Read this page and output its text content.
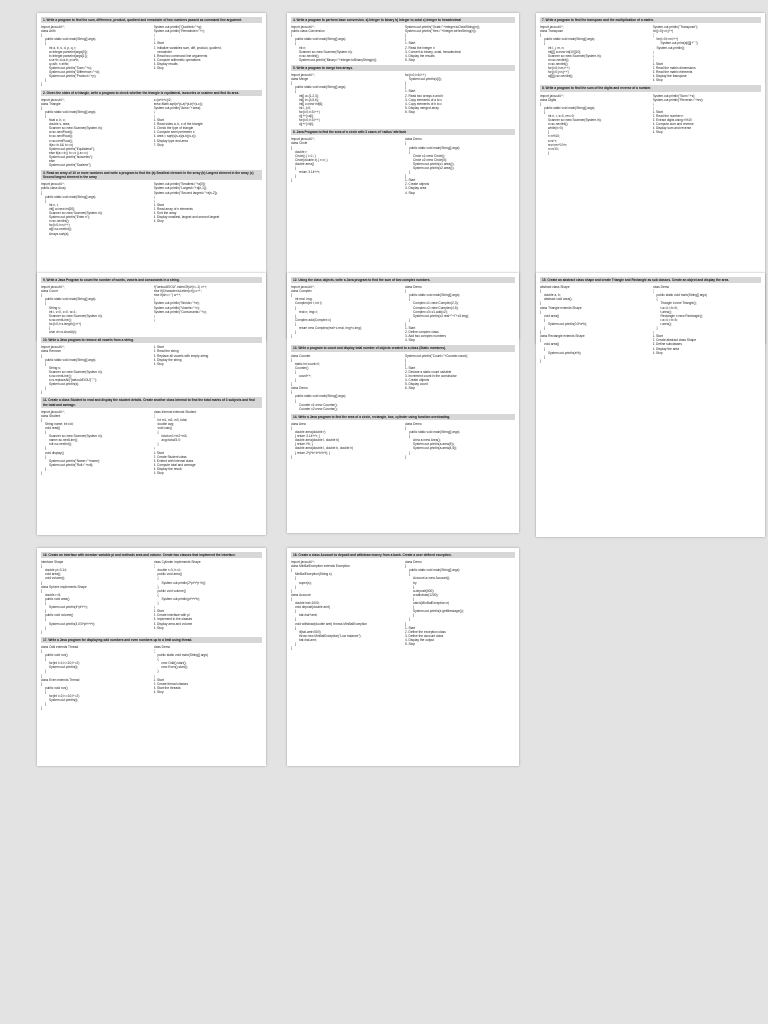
1. Write a program to find the sum, difference, product, quotient and remainder of two numbers passed as command line argument.
import java.util.*;
class Arith
{
public static void main(String[] args)
{
int a, b, s, d, p, q, r;
a=Integer.parseInt(args[0]);
b=Integer.parseInt(args[1]);
s=a+b; d=a-b; p=a*b;
q=a/b; r=a%b;
System.out.println("Sum="+s);
System.out.println("Difference="+d);
System.out.println("Product="+p);
}
}
System.out.println("Quotient="+q);
System.out.println("Remainder="+r);
}
}
1. Start
2. Initialize variables sum, diff, product, quotient,
remainder
3. Read two command line arguments
4. Compute arithmetic operations
5. Display results
6. Stop
2. Given the sides of a triangle, write a program to check whether the triangle is equilateral, isosceles or scalene and find its area.
import java.util.*;
class Triangle
{
public static void main(String[] args)
{
float a, b, c;
double s, area;
Scanner sc=new Scanner(System.in);
a=sc.nextFloat();
b=sc.nextFloat();
c=sc.nextFloat();
if(a==b && b==c)
System.out.println("Equilateral");
else if(a==b || b==c || a==c)
System.out.println("Isosceles");
else
System.out.println("Scalene");
s=(a+b+c)/2;
area=Math.sqrt(s*(s-a)*(s-b)*(s-c));
System.out.println("Area="+area);
}
}
1. Start
2. Read sides a, b, c of the triangle
3. Check the type of triangle
4. Compute semi perimeter s
5. area = sqrt(s(s-a)(s-b)(s-c))
6. Display type and area
7. Stop
3. Read an array of 10 or more numbers and write a program to find the (a) Smallest element in the array (b) Largest element in the array (c) Second largest element in the array
import java.util.*;
public class Array
{
public static void main(String[] args)
{
int n, i;
int[] a=new int[20];
Scanner sc=new Scanner(System.in);
System.out.println("Enter n");
n=sc.nextInt();
for(i=0;i<n;i++)
a[i]=sc.nextInt();
Arrays.sort(a);
System.out.println("Smallest="+a[0]);
System.out.println("Largest="+a[n-1]);
System.out.println("Second largest="+a[n-2]);
}
}
1. Start
2. Read array of n elements
3. Sort the array
4. Display smallest, largest and second largest
5. Stop
4. Write a program to perform base conversion. a) Integer to binary b) Integer to octal c) Integer to hexadecimal
import java.util.*;
public class Conversion
{
public static void main(String[] args)
{
int n;
Scanner sc=new Scanner(System.in);
n=sc.nextInt();
System.out.println("Binary="+Integer.toBinaryString(n));
System.out.println("Octal="+Integer.toOctalString(n));
System.out.println("Hex="+Integer.toHexString(n));
}
}
1. Start
2. Read the integer n
3. Convert to binary, octal, hexadecimal
4. Display the results
5. Stop
5. Write a program to merge two arrays.
import java.util.*;
class Merge
{
public static void main(String[] args)
{
int[] a={1,2,3};
int[] b={4,5,6};
int[] c=new int[6];
int i, j=0;
for(i=0;i<3;i++)
c[j++]=a[i];
for(i=0;i<3;i++)
c[j++]=b[i];
for(i=0;i<6;i++)
System.out.println(c[i]);
}
}
1. Start
2. Read two arrays a and b
3. Copy elements of a to c
4. Copy elements of b to c
5. Display merged array
6. Stop
6. Java Program to find the area of a circle with 3 cases of 'radius' attribute
import java.util.*;
class Circle
{
double r;
Circle() { r=1; }
Circle(double x) { r=x; }
double area()
{
return 3.14*r*r;
}
}
class Demo
{
public static void main(String[] args)
{
Circle c1=new Circle();
Circle c2=new Circle(5);
System.out.println(c1.area());
System.out.println(c2.area());
}
}
1. Start
2. Create objects
3. Display area
4. Stop
7. Write a program to find the transpose and the multiplication of a matrix.
import java.util.*;
class Transpose
{
public static void main(String[] args)
{
int i, j, m, n;
int[][] a=new int[10][10];
Scanner sc=new Scanner(System.in);
m=sc.nextInt();
n=sc.nextInt();
for(i=0;i<m;i++)
for(j=0;j<n;j++)
a[i][j]=sc.nextInt();
System.out.println("Transpose");
for(j=0;j<n;j++)
{
for(i=0;i<m;i++)
System.out.print(a[i][j]+" ");
System.out.println();
}
}
}
1. Start
2. Read the matrix dimensions
3. Read the matrix elements
4. Display the transpose
5. Stop
8. Write a program to find the sum of the digits and reverse of a number.
import java.util.*;
class Digits
{
public static void main(String[] args)
{
int n, r, s=0, rev=0;
Scanner sc=new Scanner(System.in);
n=sc.nextInt();
while(n>0)
{
r=n%10;
s=s+r;
rev=rev*10+r;
n=n/10;
}
System.out.println("Sum="+s);
System.out.println("Reverse="+rev);
}
}
1. Start
2. Read the number n
3. Extract digits using n%10
4. Compute sum and reverse
5. Display sum and reverse
6. Stop
9. Write a Java Program to count the number of words, vowels and consonants in a string.
import java.util.*;
class Count
{
public static void main(String[] args)
{
String s;
int i, v=0, c=0, w=1;
Scanner sc=new Scanner(System.in);
s=sc.nextLine();
for(i=0;i<s.length();i++)
{
char ch=s.charAt(i);
if("aeiouAEIOU".indexOf(ch)!=-1) v++;
else if(Character.isLetter(ch)) c++;
else if(ch==' ') w++;
}
System.out.println("Words="+w);
System.out.println("Vowels="+v);
System.out.println("Consonants="+c);
}
}
10. Write a Java program to remove all vowels from a string.
import java.util.*;
class Remove
{
public static void main(String[] args)
{
String s;
Scanner sc=new Scanner(System.in);
s=sc.nextLine();
s=s.replaceAll("[aeiouAEIOU]","");
System.out.println(s);
}
}
1. Start
2. Read the string
3. Replace all vowels with empty string
4. Display the string
5. Stop
11. Create a class Student to read and display the student details. Create another class Internal to find the total marks of 3 subjects and find the total and average.
import java.util.*;
class Student
{
String name; int roll;
void read()
{
Scanner sc=new Scanner(System.in);
name=sc.nextLine();
roll=sc.nextInt();
}
void display()
{
System.out.println("Name="+name);
System.out.println("Roll="+roll);
}
}
class Internal extends Student
{
int m1, m2, m3, total;
double avg;
void calc()
{
total=m1+m2+m3;
avg=total/3.0;
}
}
1. Start
2. Create Student class
3. Extend with Internal class
4. Compute total and average
5. Display the result
6. Stop
12. Using the class objects, write a Java program to find the sum of two complex numbers.
import java.util.*;
class Complex
{
int real, img;
Complex(int r, int i)
{
real=r; img=i;
}
Complex add(Complex c)
{
return new Complex(real+c.real, img+c.img);
}
}
class Demo
{
public static void main(String[] args)
{
Complex c1=new Complex(2,3);
Complex c2=new Complex(4,5);
Complex c3=c1.add(c2);
System.out.println(c3.real+"+i"+c3.img);
}
}
1. Start
2. Define complex class
3. Add two complex numbers
4. Stop
13. Write a program to count and display total number of objects created to a class (Static members).
class Counter
{
static int count=0;
Counter()
{
count++;
}
}
class Demo
{
public static void main(String[] args)
{
Counter c1=new Counter();
Counter c2=new Counter();
System.out.println("Count="+Counter.count);
}
}
1. Start
2. Declare a static count variable
3. Increment count in the constructor
4. Create objects
5. Display count
6. Stop
14. Write a Java program to find the area of a circle, rectangle, box, cylinder using function overloading.
class Area
{
double area(double r)
{ return 3.14*r*r; }
double area(double l, double b)
{ return l*b; }
double area(double l, double b, double h)
{ return 2*(l*b+b*h+h*l); }
}
class Demo
{
public static void main(String[] args)
{
Area a=new Area();
System.out.println(a.area(5));
System.out.println(a.area(4,5));
}
}
15. Create an abstract class shape and create Triangle and Rectangle as sub classes. Create an object and display the area.
abstract class Shape
{
double a, b;
abstract void area();
}
class Triangle extends Shape
{
void area()
{
System.out.println(0.5*a*b);
}
}
class Rectangle extends Shape
{
void area()
{
System.out.println(a*b);
}
}
class Demo
{
public static void main(String[] args)
{
Triangle t=new Triangle();
t.a=4; t.b=5;
t.area();
Rectangle r=new Rectangle();
r.a=4; r.b=5;
r.area();
}
}
1. Start
2. Create abstract class Shape
3. Define subclasses
4. Display the area
5. Stop
16. Create an interface with member variable pi and methods area and volume. Create two classes that implement the interface.
interface Shape
{
double pi=3.14;
void area();
void volume();
}
class Sphere implements Shape
{
double r=5;
public void area()
{
System.out.println(4*pi*r*r);
}
public void volume()
{
System.out.println(4.0/3*pi*r*r*r);
}
}
class Cylinder implements Shape
{
double r=3, h=4;
public void area()
{
System.out.println(2*pi*r*(r+h));
}
public void volume()
{
System.out.println(pi*r*r*h);
}
}
1. Start
2. Create interface with pi
3. Implement in the classes
4. Display area and volume
5. Stop
17. Write a Java program for displaying odd numbers and even numbers up to a limit using thread.
class Odd extends Thread
{
public void run()
{
for(int i=1;i<=10;i+=2)
System.out.println(i);
}
}
class Even extends Thread
{
public void run()
{
for(int i=2;i<=10;i+=2)
System.out.println(i);
}
}
class Demo
{
public static void main(String[] args)
{
new Odd().start();
new Even().start();
}
}
1. Start
2. Create thread classes
3. Start the threads
4. Stop
18. Create a class Account to deposit and withdraw money from a bank. Create a user defined exception.
import java.util.*;
class MinBalException extends Exception
{
MinBalException(String s)
{
super(s);
}
}
class Account
{
double bal=1000;
void deposit(double amt)
{
bal=bal+amt;
}
void withdraw(double amt) throws MinBalException
{
if(bal-amt<500)
throw new MinBalException("Low balance");
bal=bal-amt;
}
}
class Demo
{
public static void main(String[] args)
{
Account a=new Account();
try
{
a.deposit(500);
a.withdraw(1200);
}
catch(MinBalException e)
{
System.out.println(e.getMessage());
}
}
}
1. Start
2. Define the exception class
3. Define the account class
4. Display the output
5. Stop
